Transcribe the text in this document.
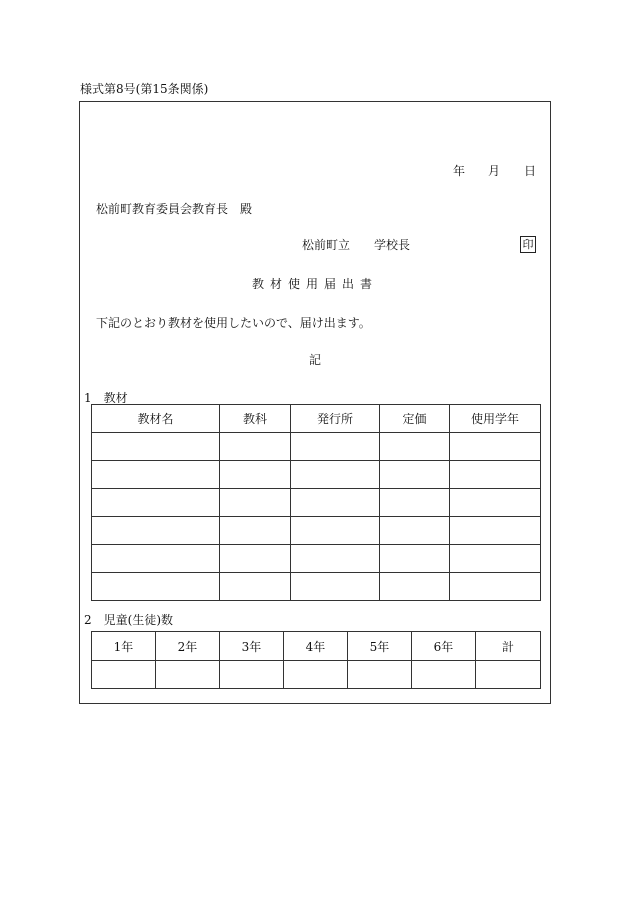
様式第8号(第15条関係)
年 月 日
松前町教育委員会教育長　殿
松前町立 学校長	印
教材使用届出書
下記のとおり教材を使用したいので、届け出ます。
記
1　教材
教材名	教科	発行所	定価	使用学年

2　児童(生徒)数
1年	2年	3年	4年	5年	6年	計
